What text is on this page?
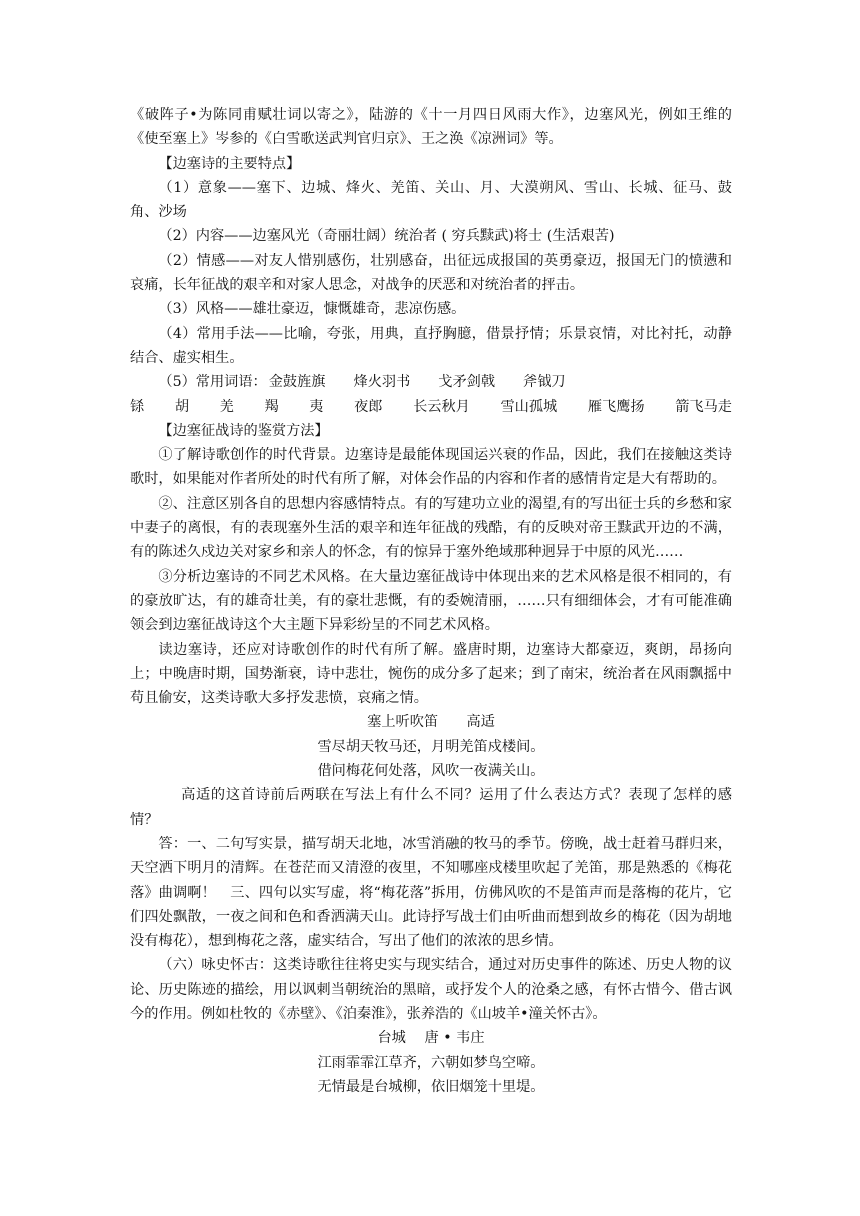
《破阵子•为陈同甫赋壮词以寄之》，陆游的《十一月四日风雨大作》，边塞风光，例如王维的《使至塞上》岑参的《白雪歌送武判官归京》、王之涣《凉洲词》等。

【边塞诗的主要特点】

（1）意象——塞下、边城、烽火、羌笛、关山、月、大漠朔风、雪山、长城、征马、鼓角、沙场

（2）内容——边塞风光（奇丽壮阔）统治者 ( 穷兵黩武)将士 (生活艰苦)

（2）情感——对友人惜别感伤，壮别感奋，出征远成报国的英勇豪迈，报国无门的愤懑和哀痛，长年征战的艰辛和对家人思念，对战争的厌恶和对统治者的抨击。

（3）风格——雄壮豪迈，慷慨雄奇，悲凉伤感。

（4）常用手法——比喻，夸张，用典，直抒胸臆，借景抒情；乐景哀情，对比衬托，动静结合、虚实相生。

（5）常用词语： 金鼓旌旗 烽火羽书 戈矛剑戟 斧钺刀
铩 胡 羌 羯 夷 夜郎 长云秋月 雪山孤城 雁飞鹰扬 箭飞马走

【边塞征战诗的鉴赏方法】

①了解诗歌创作的时代背景。边塞诗是最能体现国运兴衰的作品，因此，我们在接触这类诗歌时，如果能对作者所处的时代有所了解，对体会作品的内容和作者的感情肯定是大有帮助的。

②、注意区别各自的思想内容感情特点。有的写建功立业的渴望,有的写出征士兵的乡愁和家中妻子的离恨，有的表现塞外生活的艰辛和连年征战的残酷，有的反映对帝王黩武开边的不满，有的陈述久戍边关对家乡和亲人的怀念，有的惊异于塞外绝域那种迥异于中原的风光……

③分析边塞诗的不同艺术风格。在大量边塞征战诗中体现出来的艺术风格是很不相同的，有的豪放旷达，有的雄奇壮美，有的豪壮悲慨，有的委婉清丽，……只有细细体会，才有可能准确领会到边塞征战诗这个大主题下异彩纷呈的不同艺术风格。

读边塞诗，还应对诗歌创作的时代有所了解。盛唐时期，边塞诗大都豪迈，爽朗，昂扬向上；中晚唐时期，国势渐衰，诗中悲壮，惋伤的成分多了起来；到了南宋，统治者在风雨飘摇中苟且偷安，这类诗歌大多抒发悲愤，哀痛之情。

塞上听吹笛　　高适

雪尽胡天牧马还，月明羌笛戍楼间。

借问梅花何处落，风吹一夜满关山。

高适的这首诗前后两联在写法上有什么不同？运用了什么表达方式？表现了怎样的感情？

答：一、二句写实景，描写胡天北地，冰雪消融的牧马的季节。傍晚，战士赶着马群归来，天空洒下明月的清辉。在苍茫而又清澄的夜里，不知哪座戍楼里吹起了羌笛，那是熟悉的《梅花落》曲调啊！　三、四句以实写虚，将“梅花落”拆用，仿佛风吹的不是笛声而是落梅的花片，它们四处飘散，一夜之间和色和香洒满天山。此诗抒写战士们由听曲而想到故乡的梅花（因为胡地没有梅花），想到梅花之落，虚实结合，写出了他们的浓浓的思乡情。

（六）咏史怀古：这类诗歌往往将史实与现实结合，通过对历史事件的陈述、历史人物的议论、历史陈迹的描绘，用以讽刺当朝统治的黑暗，或抒发个人的沧桑之感，有怀古惜今、借古讽今的作用。例如杜牧的《赤壁》、《泊秦淮》，张养浩的《山坡羊•潼关怀古》。

台城　 唐 • 韦庄

江雨霏霏江草齐，六朝如梦鸟空啼。

无情最是台城柳，依旧烟笼十里堤。
